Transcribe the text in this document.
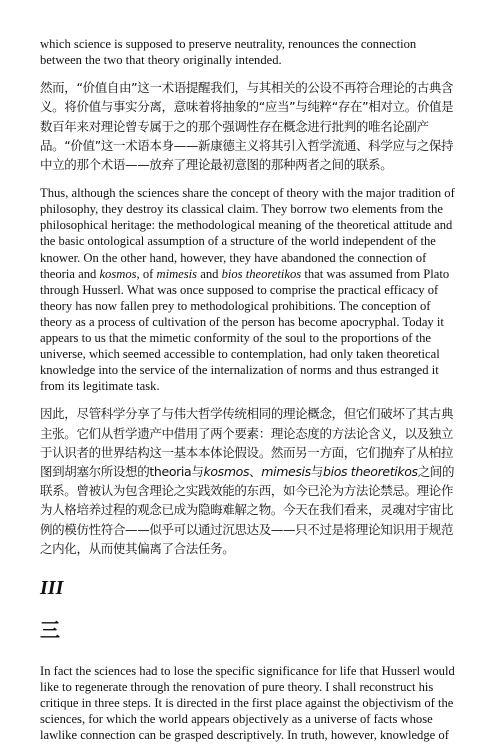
which science is supposed to preserve neutrality, renounces the connection between the two that theory originally intended.

然而，“价值自由”这一术语提醒我们，与其相关的公设不再符合理论的古典含义。将价值与事实分离，意味着将抽象的“应当”与纯粹“存在”相对立。价值是数百年来对理论曾专属于之的那个强调性存在概念进行批判的唯名论副产品。“价值”这一术语本身——新康德主义将其引入哲学流通、科学应与之保持中立的那个术语——放弃了理论最初意图的那种两者之间的联系。

Thus, although the sciences share the concept of theory with the major tradition of philosophy, they destroy its classical claim. They borrow two elements from the philosophical heritage: the methodological meaning of the theoretical attitude and the basic ontological assumption of a structure of the world independent of the knower. On the other hand, however, they have abandoned the connection of theoria and kosmos, of mimesis and bios theoretikos that was assumed from Plato through Husserl. What was once supposed to comprise the practical efficacy of theory has now fallen prey to methodological prohibitions. The conception of theory as a process of cultivation of the person has become apocryphal. Today it appears to us that the mimetic conformity of the soul to the proportions of the universe, which seemed accessible to contemplation, had only taken theoretical knowledge into the service of the internalization of norms and thus estranged it from its legitimate task.

因此，尽管科学分享了与伟大哲学传统相同的理论概念，但它们破坏了其古典主张。它们从哲学遗产中借用了两个要素：理论态度的方法论含义，以及独立于认识者的世界结构这一基本本体论假设。然而另一方面，它们抛弃了从柏拉图到胡塞尔所设想的theoria与kosmos、mimesis与bios theoretikos之间的联系。曾被认为包含理论之实践效能的东西，如今已沦为方法论禁忌。理论作为人格培养过程的观念已成为隐晦难解之物。今天在我们看来，灵魂对宇宙比例的模仿性符合——似乎可以通过沉思达及——只不过是将理论知识用于规范之内化，从而使其偏离了合法任务。

III

三

In fact the sciences had to lose the specific significance for life that Husserl would like to regenerate through the renovation of pure theory. I shall reconstruct his critique in three steps. It is directed in the first place against the objectivism of the sciences, for which the world appears objectively as a universe of facts whose lawlike connection can be grasped descriptively. In truth, however, knowledge of
